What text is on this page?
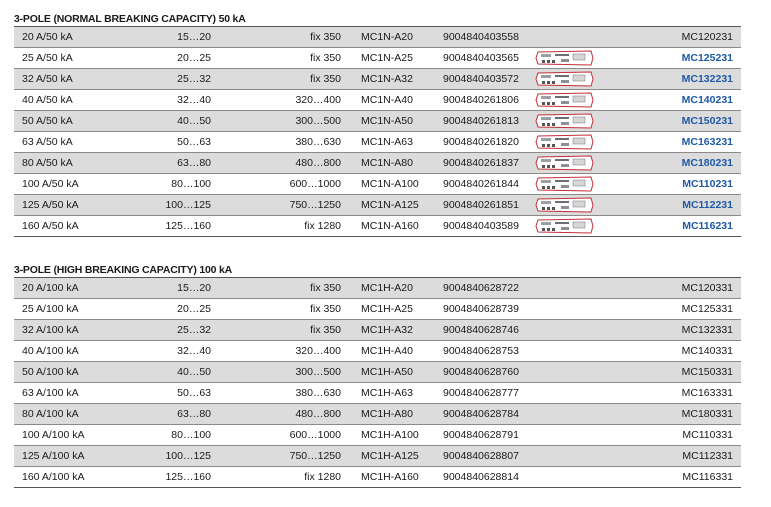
3-POLE (NORMAL BREAKING CAPACITY) 50 kA
20 A/50 kA	15…20	fix 350 MC1N-A20	9004840403558	MC120231
25 A/50 kA	20…25	fix 350 MC1N-A25	9004840403565	MC125231
32 A/50 kA	25…32	fix 350 MC1N-A32	9004840403572	MC132231
40 A/50 kA	32…40	320…400 MC1N-A40	9004840261806	MC140231
50 A/50 kA	40…50	300…500 MC1N-A50	9004840261813	MC150231
63 A/50 kA	50…63	380…630 MC1N-A63	9004840261820	MC163231
80 A/50 kA	63…80	480…800 MC1N-A80	9004840261837	MC180231
100 A/50 kA	80…100	600…1000 MC1N-A100 9004840261844	MC110231
125 A/50 kA	100…125	750…1250 MC1N-A125 9004840261851	MC112231
160 A/50 kA	125…160	fix 1280 MC1N-A160 9004840403589	MC116231
3-POLE (HIGH BREAKING CAPACITY) 100 kA
20 A/100 kA	15…20	fix 350 MC1H-A20	9004840628722	MC120331
25 A/100 kA	20…25	fix 350 MC1H-A25	9004840628739	MC125331
32 A/100 kA	25…32	fix 350 MC1H-A32	9004840628746	MC132331
40 A/100 kA	32…40	320…400 MC1H-A40	9004840628753	MC140331
50 A/100 kA	40…50	300…500 MC1H-A50	9004840628760	MC150331
63 A/100 kA	50…63	380…630 MC1H-A63	9004840628777	MC163331
80 A/100 kA	63…80	480…800 MC1H-A80	9004840628784	MC180331
100 A/100 kA	80…100	600…1000 MC1H-A100 9004840628791	MC110331
125 A/100 kA	100…125	750…1250 MC1H-A125 9004840628807	MC112331
160 A/100 kA	125…160	fix 1280 MC1H-A160 9004840628814	MC116331
